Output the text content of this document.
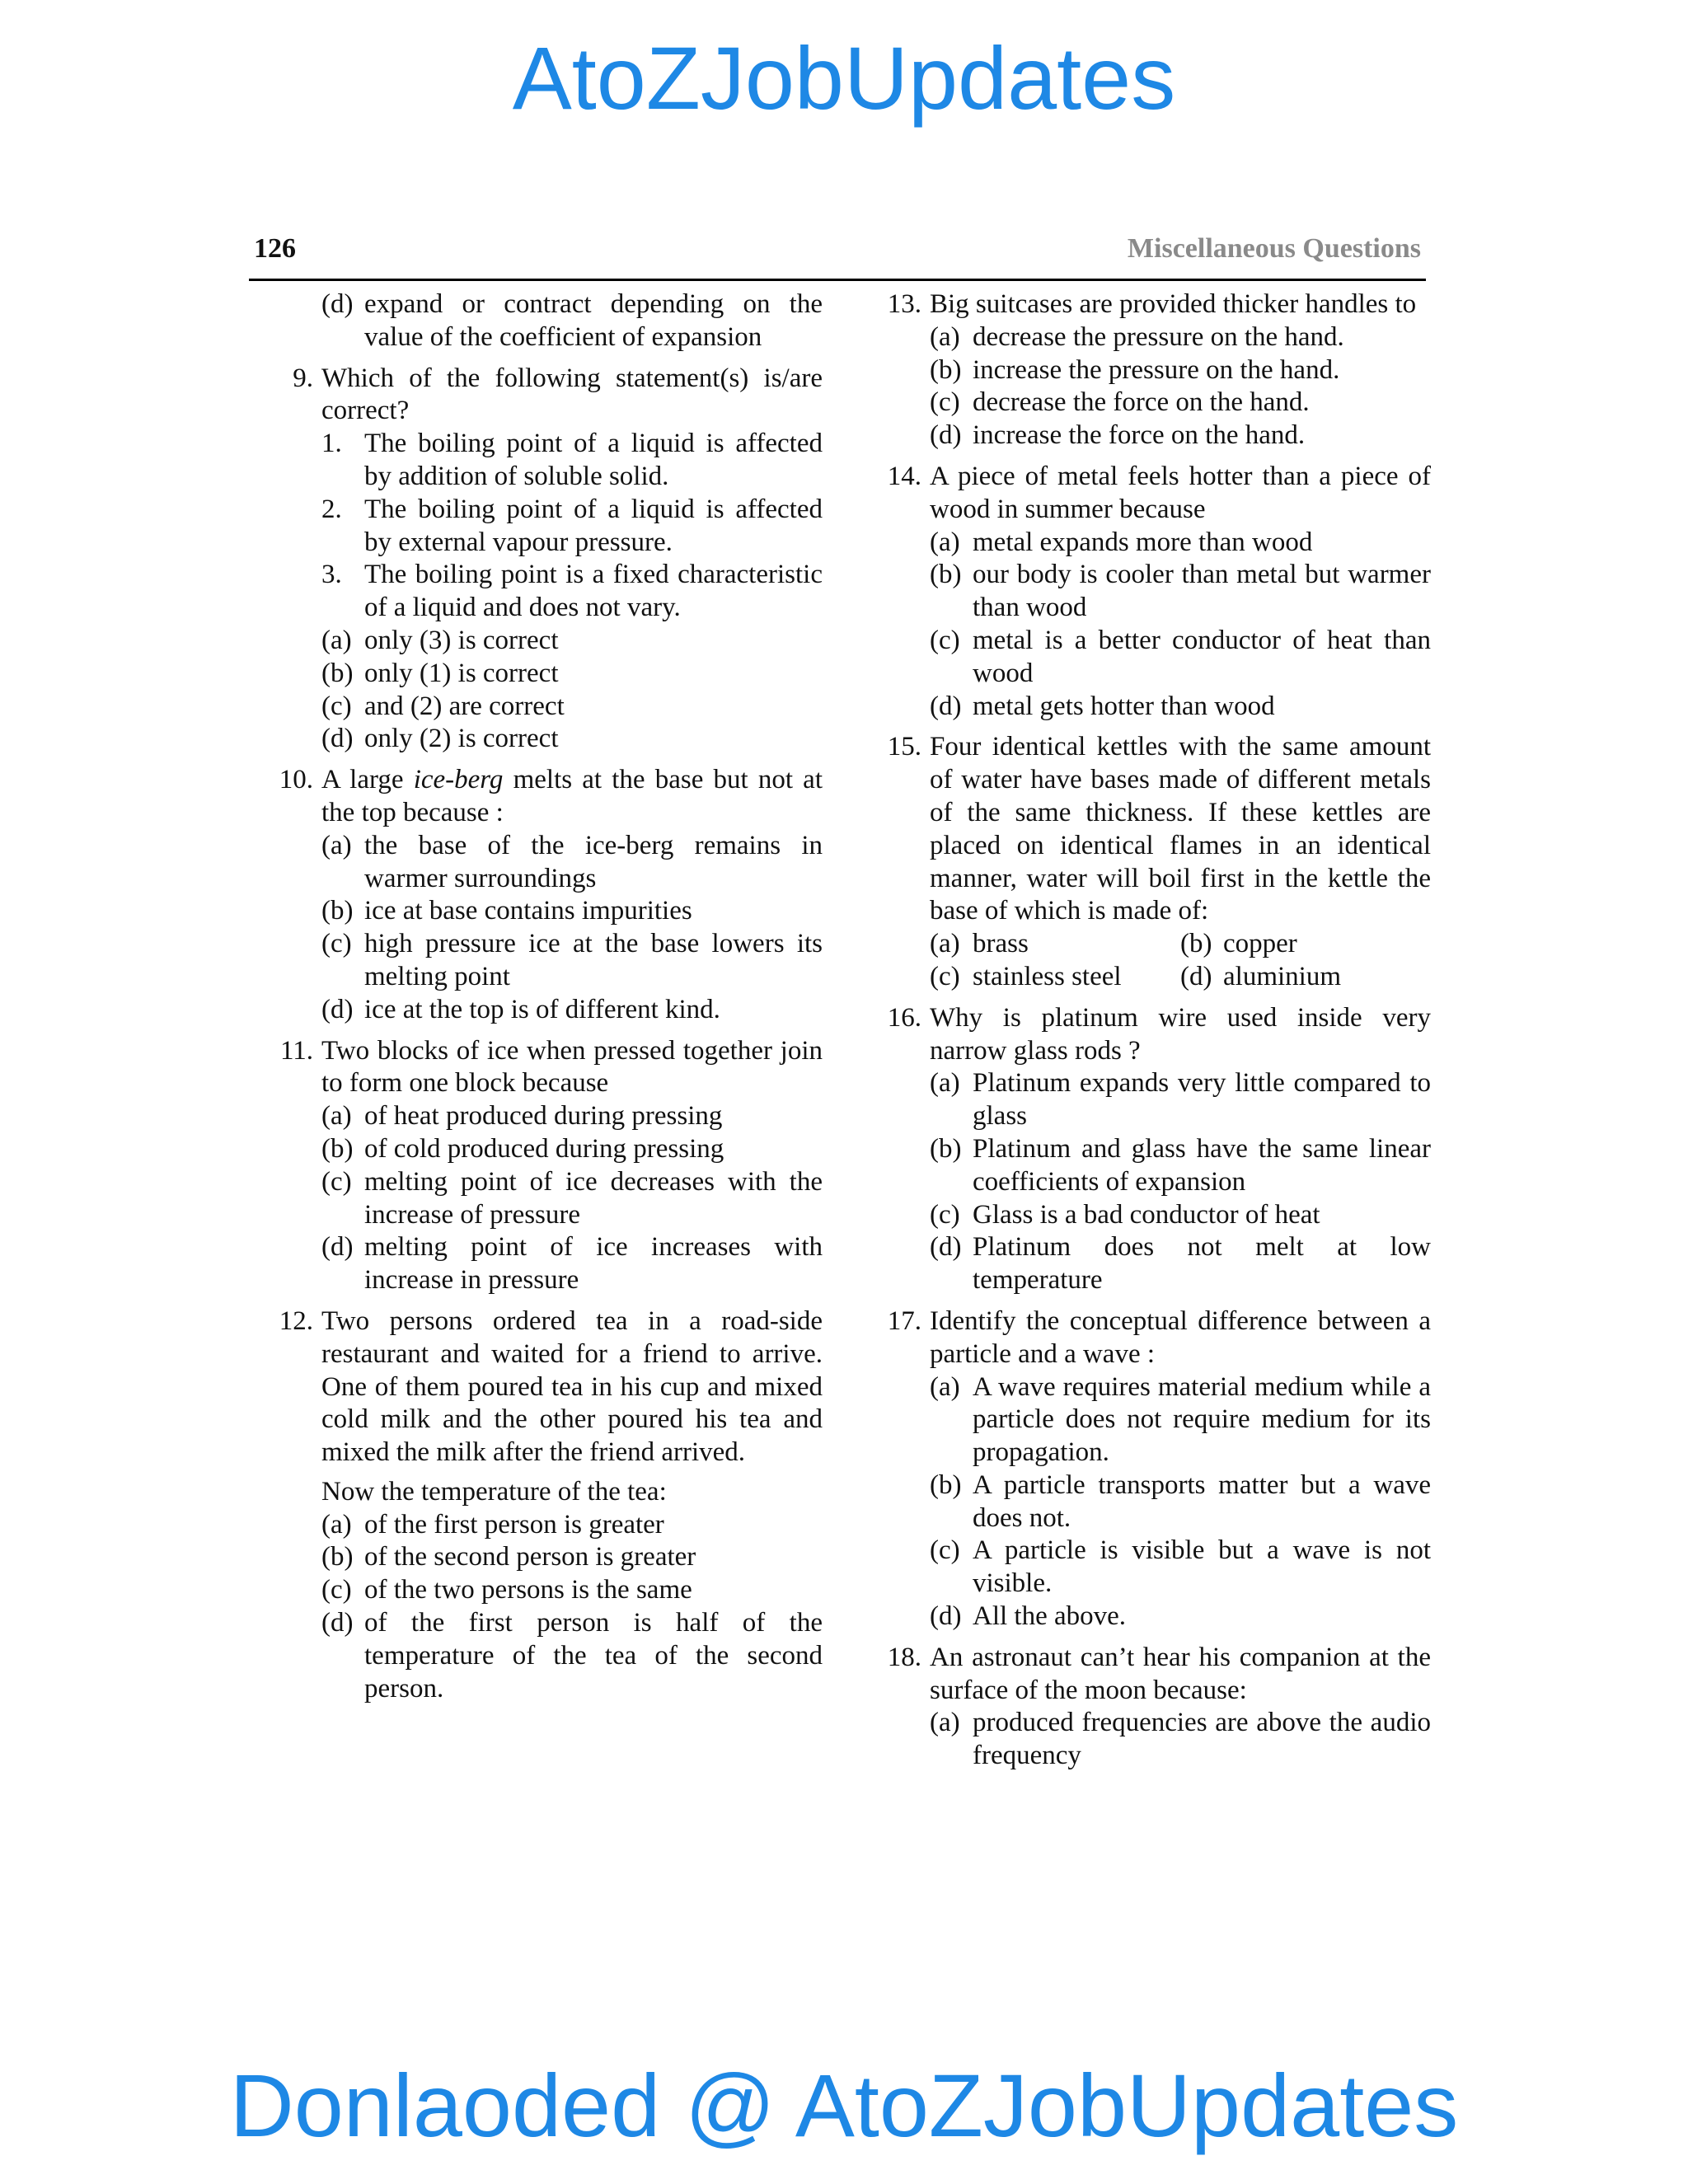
AtoZJobUpdates
126	Miscellaneous Questions
(d) expand or contract depending on the value of the coefficient of expansion
9. Which of the following statement(s) is/are correct?
1. The boiling point of a liquid is affected by addition of soluble solid.
2. The boiling point of a liquid is affected by external vapour pressure.
3. The boiling point is a fixed characteristic of a liquid and does not vary.
(a) only (3) is correct
(b) only (1) is correct
(c) and (2) are correct
(d) only (2) is correct
10. A large ice-berg melts at the base but not at the top because :
(a) the base of the ice-berg remains in warmer surroundings
(b) ice at base contains impurities
(c) high pressure ice at the base lowers its melting point
(d) ice at the top is of different kind.
11. Two blocks of ice when pressed together join to form one block because
(a) of heat produced during pressing
(b) of cold produced during pressing
(c) melting point of ice decreases with the increase of pressure
(d) melting point of ice increases with increase in pressure
12. Two persons ordered tea in a road-side restaurant and waited for a friend to arrive. One of them poured tea in his cup and mixed cold milk and the other poured his tea and mixed the milk after the friend arrived.
Now the temperature of the tea:
(a) of the first person is greater
(b) of the second person is greater
(c) of the two persons is the same
(d) of the first person is half of the temperature of the tea of the second person.
13. Big suitcases are provided thicker handles to
(a) decrease the pressure on the hand.
(b) increase the pressure on the hand.
(c) decrease the force on the hand.
(d) increase the force on the hand.
14. A piece of metal feels hotter than a piece of wood in summer because
(a) metal expands more than wood
(b) our body is cooler than metal but warmer than wood
(c) metal is a better conductor of heat than wood
(d) metal gets hotter than wood
15. Four identical kettles with the same amount of water have bases made of different metals of the same thickness. If these kettles are placed on identical flames in an identical manner, water will boil first in the kettle the base of which is made of:
(a) brass	(b) copper
(c) stainless steel	(d) aluminium
16. Why is platinum wire used inside very narrow glass rods ?
(a) Platinum expands very little compared to glass
(b) Platinum and glass have the same linear coefficients of expansion
(c) Glass is a bad conductor of heat
(d) Platinum does not melt at low temperature
17. Identify the conceptual difference between a particle and a wave :
(a) A wave requires material medium while a particle does not require medium for its propagation.
(b) A particle transports matter but a wave does not.
(c) A particle is visible but a wave is not visible.
(d) All the above.
18. An astronaut can’t hear his companion at the surface of the moon because:
(a) produced frequencies are above the audio frequency
Donlaoded @ AtoZJobUpdates
